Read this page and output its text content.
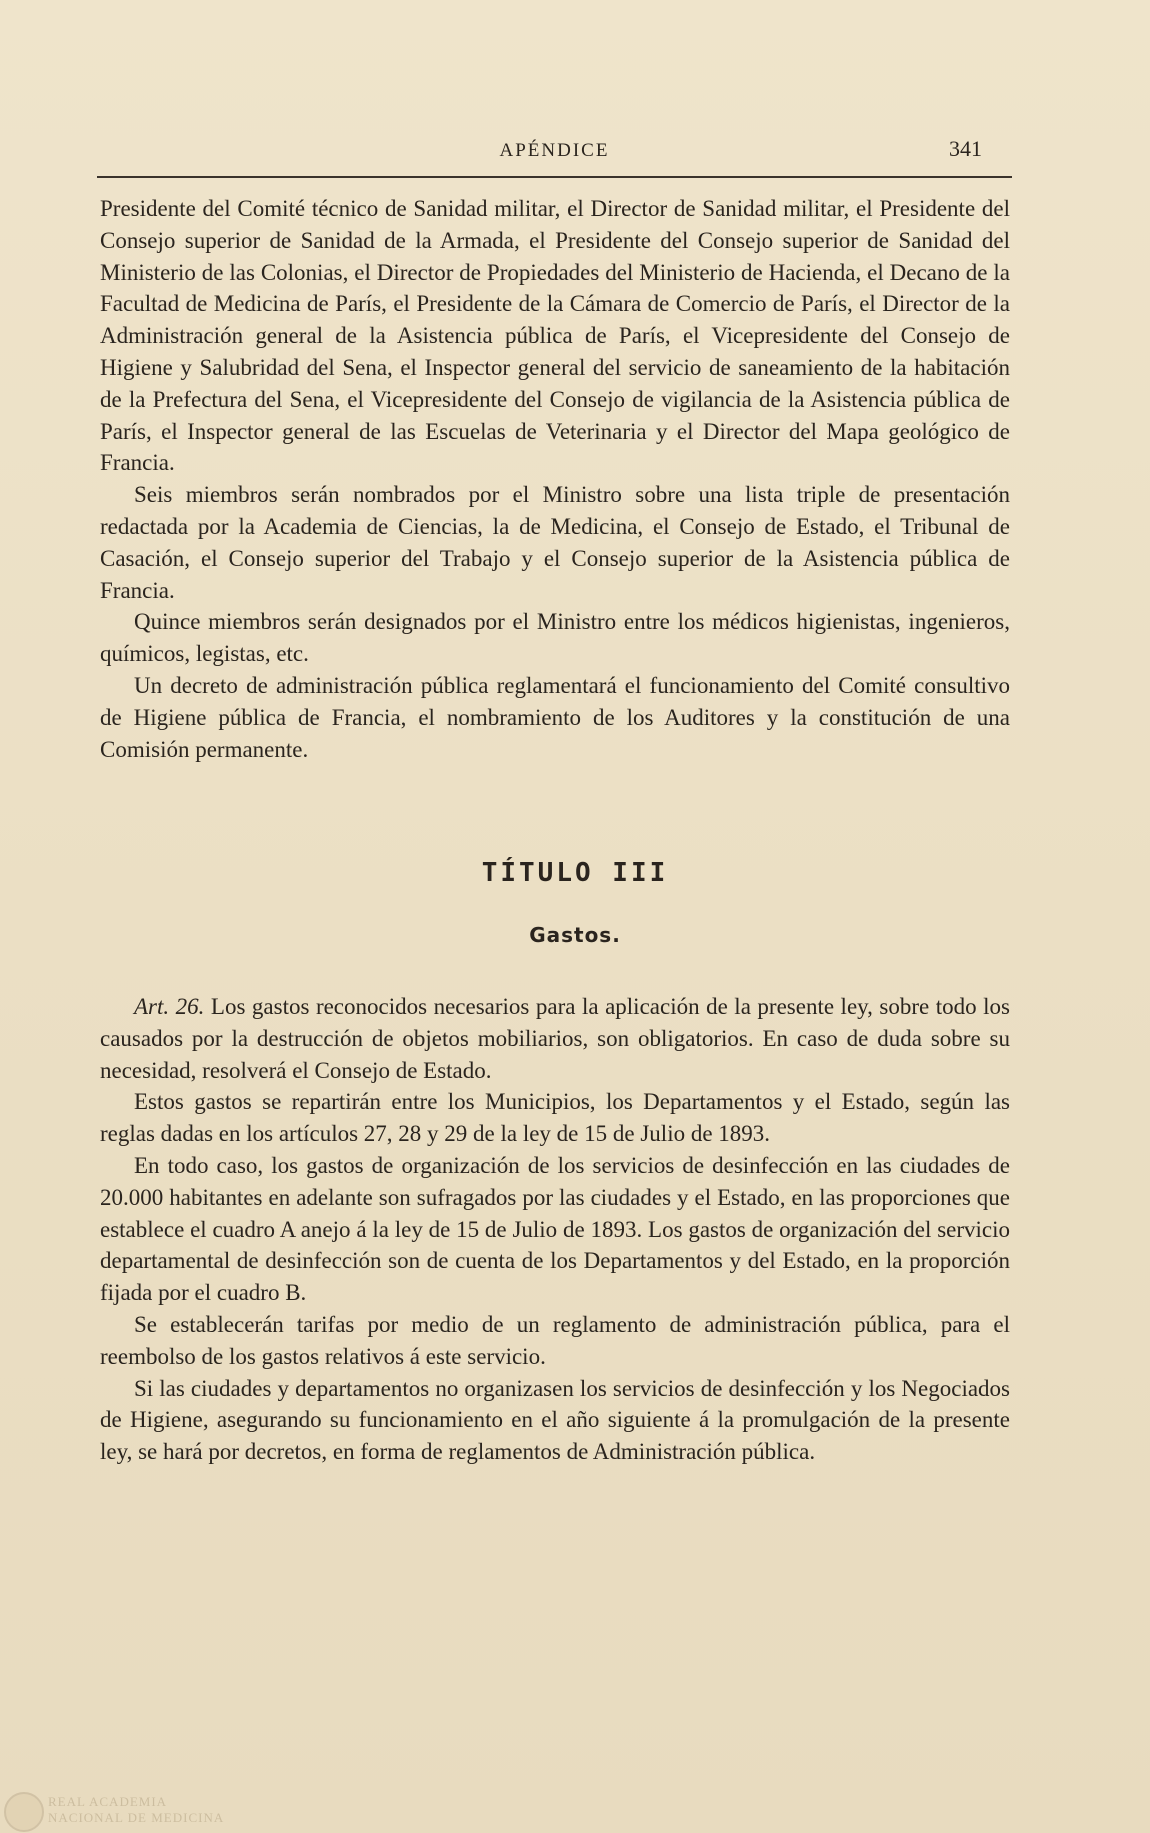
APÉNDICE	341

Presidente del Comité técnico de Sanidad militar, el Director de Sanidad militar, el Presidente del Consejo superior de Sanidad de la Armada, el Presidente del Consejo superior de Sanidad del Ministerio de las Colonias, el Director de Propiedades del Ministerio de Hacienda, el Decano de la Facultad de Medicina de París, el Presidente de la Cámara de Comercio de París, el Director de la Administración general de la Asistencia pública de París, el Vicepresidente del Consejo de Higiene y Salubridad del Sena, el Inspector general del servicio de saneamiento de la habitación de la Prefectura del Sena, el Vicepresidente del Consejo de vigilancia de la Asistencia pública de París, el Inspector general de las Escuelas de Veterinaria y el Director del Mapa geológico de Francia.

Seis miembros serán nombrados por el Ministro sobre una lista triple de presentación redactada por la Academia de Ciencias, la de Medicina, el Consejo de Estado, el Tribunal de Casación, el Consejo superior del Trabajo y el Consejo superior de la Asistencia pública de Francia.

Quince miembros serán designados por el Ministro entre los médicos higienistas, ingenieros, químicos, legistas, etc.

Un decreto de administración pública reglamentará el funcionamiento del Comité consultivo de Higiene pública de Francia, el nombramiento de los Auditores y la constitución de una Comisión permanente.

TÍTULO III
Gastos.

Art. 26. Los gastos reconocidos necesarios para la aplicación de la presente ley, sobre todo los causados por la destrucción de objetos mobiliarios, son obligatorios. En caso de duda sobre su necesidad, resolverá el Consejo de Estado.

Estos gastos se repartirán entre los Municipios, los Departamentos y el Estado, según las reglas dadas en los artículos 27, 28 y 29 de la ley de 15 de Julio de 1893.

En todo caso, los gastos de organización de los servicios de desinfección en las ciudades de 20.000 habitantes en adelante son sufragados por las ciudades y el Estado, en las proporciones que establece el cuadro A anejo á la ley de 15 de Julio de 1893. Los gastos de organización del servicio departamental de desinfección son de cuenta de los Departamentos y del Estado, en la proporción fijada por el cuadro B.

Se establecerán tarifas por medio de un reglamento de administración pública, para el reembolso de los gastos relativos á este servicio.

Si las ciudades y departamentos no organizasen los servicios de desinfección y los Negociados de Higiene, asegurando su funcionamiento en el año siguiente á la promulgación de la presente ley, se hará por decretos, en forma de reglamentos de Administración pública.

REAL ACADEMIA
NACIONAL DE MEDICINA
